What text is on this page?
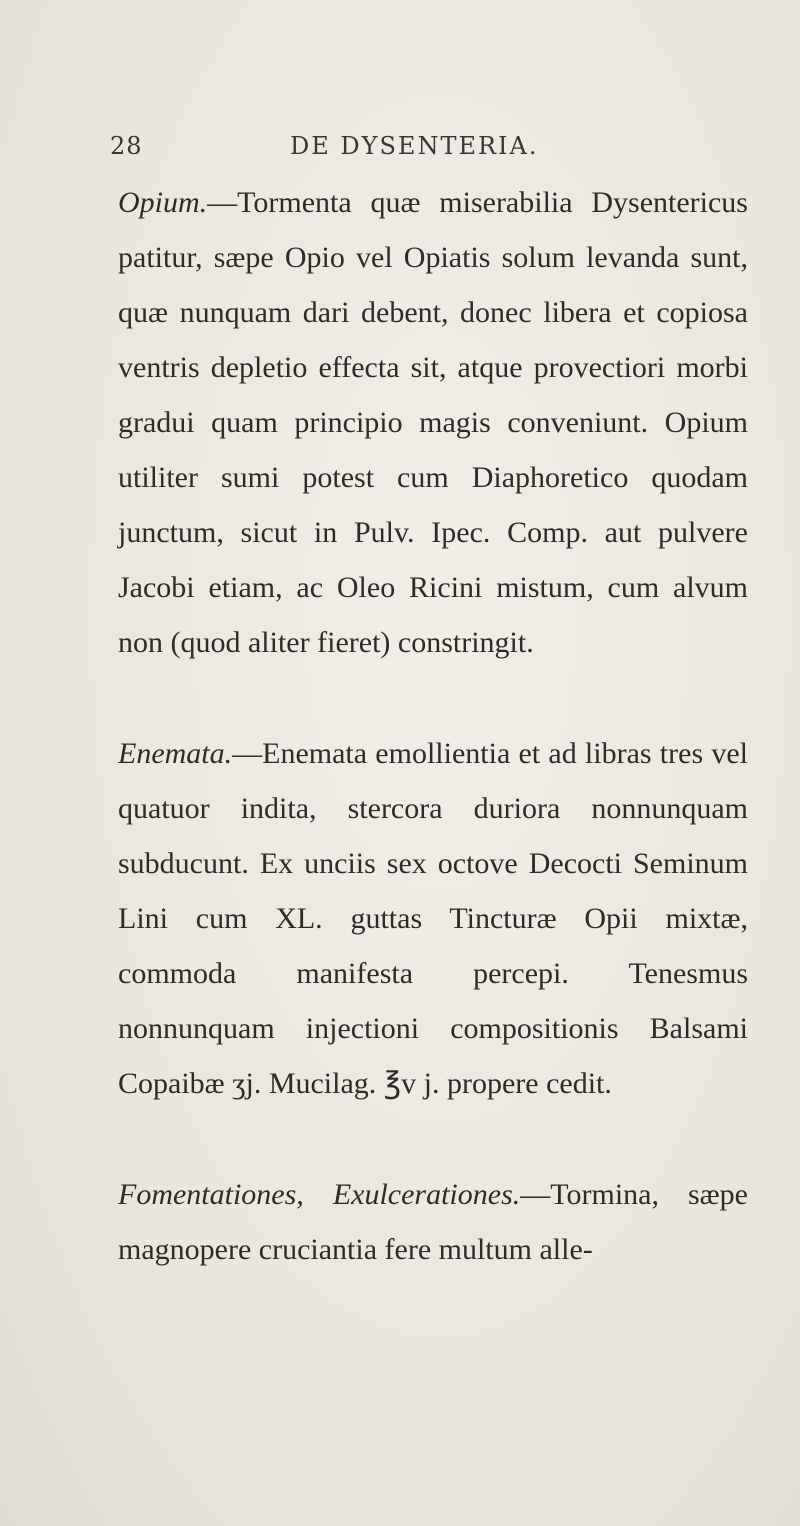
28	DE DYSENTERIA.

Opium.—Tormenta quæ miserabilia Dysentericus patitur, sæpe Opio vel Opiatis solum levanda sunt, quæ nunquam dari debent, donec libera et copiosa ventris depletio effecta sit, atque provectiori morbi gradui quam principio magis conveniunt. Opium utiliter sumi potest cum Diaphoretico quodam junctum, sicut in Pulv. Ipec. Comp. aut pulvere Jacobi etiam, ac Oleo Ricini mistum, cum alvum non (quod aliter fieret) constringit.

Enemata.—Enemata emollientia et ad libras tres vel quatuor indita, stercora duriora nonnunquam subducunt. Ex unciis sex octove Decocti Seminum Lini cum XL. guttas Tincturæ Opii mixtæ, commoda manifesta percepi. Tenesmus nonnunquam injectioni compositionis Balsami Copaibæ ʒj. Mucilag. ℥v j. propere cedit.

Fomentationes, Exulcerationes.—Tormina, sæpe magnopere cruciantia fere multum alle-
